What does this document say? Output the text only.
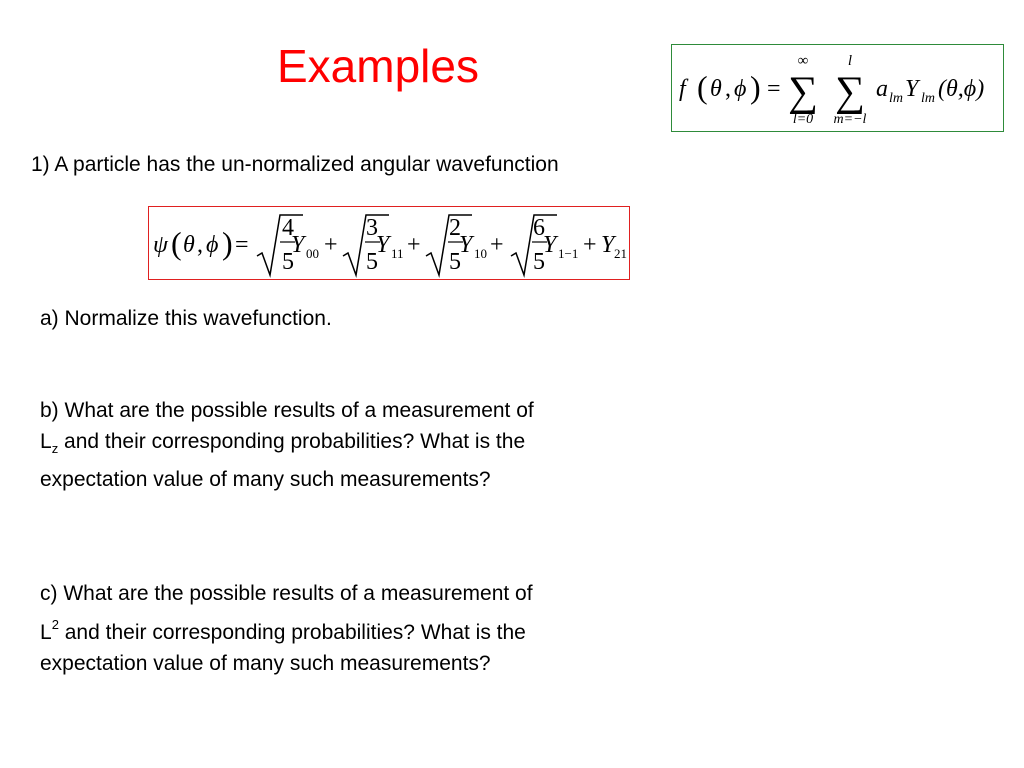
Examples	f ( θ , ϕ ) =
∞
∑
l=0
l
∑
m=−l
a lm Y lm (θ,ϕ)
1) A particle has the un-normalized angular wavefunction
ψ ( θ , ϕ ) =
4
5
Y 00 +
3
5
Y 11 +
2
5
Y 10 +
6
5
Y 1−1 + Y 21
a) Normalize this wavefunction.
b) What are the possible results of a measurement of
$L_z$ and their corresponding probabilities? What is the
expectation value of many such measurements?
c) What are the possible results of a measurement of
$L^2$ and their corresponding probabilities? What is the
expectation value of many such measurements?
